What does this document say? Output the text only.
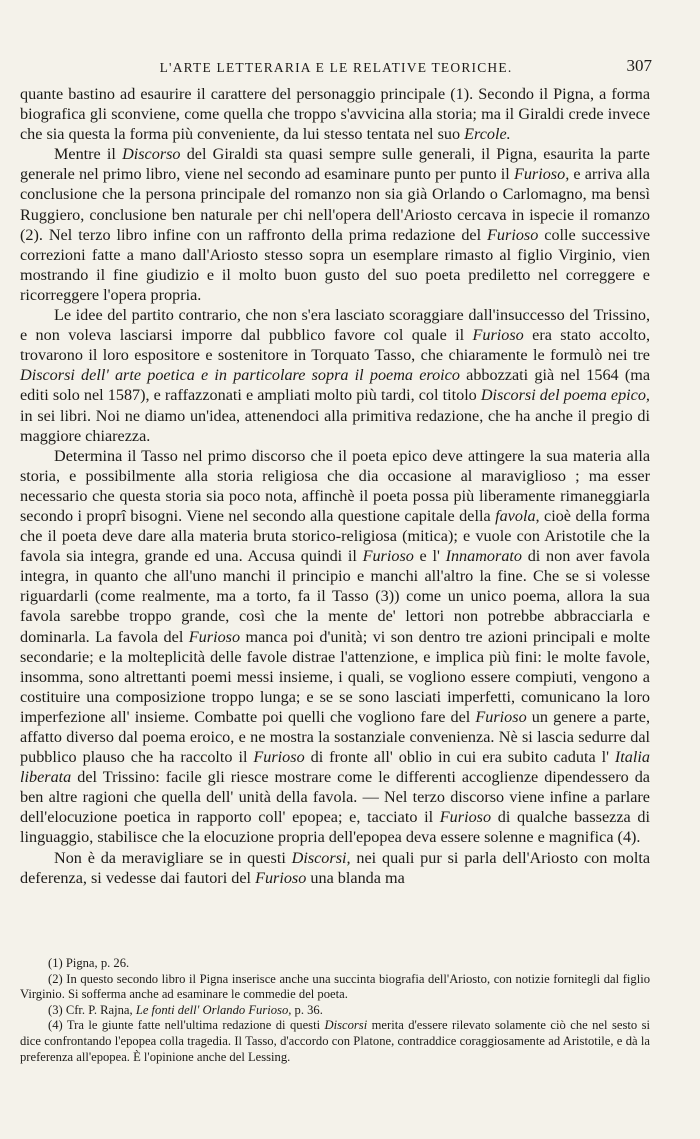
L'ARTE LETTERARIA E LE RELATIVE TEORICHE.	307

quante bastino ad esaurire il carattere del personaggio principale (1). Secondo il Pigna, a forma biografica gli sconviene, come quella che troppo s'avvicina alla storia; ma il Giraldi crede invece che sia questa la forma più conveniente, da lui stesso tentata nel suo Ercole.

Mentre il Discorso del Giraldi sta quasi sempre sulle generali, il Pigna, esaurita la parte generale nel primo libro, viene nel secondo ad esaminare punto per punto il Furioso, e arriva alla conclusione che la persona principale del romanzo non sia già Orlando o Carlomagno, ma bensì Ruggiero, conclusione ben naturale per chi nell'opera dell'Ariosto cercava in ispecie il romanzo (2). Nel terzo libro infine con un raffronto della prima redazione del Furioso colle successive correzioni fatte a mano dall'Ariosto stesso sopra un esemplare rimasto al figlio Virginio, vien mostrando il fine giudizio e il molto buon gusto del suo poeta prediletto nel correggere e ricorreggere l'opera propria.

Le idee del partito contrario, che non s'era lasciato scoraggiare dall'insuccesso del Trissino, e non voleva lasciarsi imporre dal pubblico favore col quale il Furioso era stato accolto, trovarono il loro espositore e sostenitore in Torquato Tasso, che chiaramente le formulò nei tre Discorsi dell' arte poetica e in particolare sopra il poema eroico abbozzati già nel 1564 (ma editi solo nel 1587), e raffazzonati e ampliati molto più tardi, col titolo Discorsi del poema epico, in sei libri. Noi ne diamo un'idea, attenendoci alla primitiva redazione, che ha anche il pregio di maggiore chiarezza.

Determina il Tasso nel primo discorso che il poeta epico deve attingere la sua materia alla storia, e possibilmente alla storia religiosa che dia occasione al maraviglioso ; ma esser necessario che questa storia sia poco nota, affinchè il poeta possa più liberamente rimaneggiarla secondo i proprî bisogni. Viene nel secondo alla questione capitale della favola, cioè della forma che il poeta deve dare alla materia bruta storico-religiosa (mitica); e vuole con Aristotile che la favola sia integra, grande ed una. Accusa quindi il Furioso e l' Innamorato di non aver favola integra, in quanto che all'uno manchi il principio e manchi all'altro la fine. Che se si volesse riguardarli (come realmente, ma a torto, fa il Tasso (3)) come un unico poema, allora la sua favola sarebbe troppo grande, così che la mente de' lettori non potrebbe abbracciarla e dominarla. La favola del Furioso manca poi d'unità; vi son dentro tre azioni principali e molte secondarie; e la molteplicità delle favole distrae l'attenzione, e implica più fini: le molte favole, insomma, sono altrettanti poemi messi insieme, i quali, se vogliono essere compiuti, vengono a costituire una composizione troppo lunga; e se se sono lasciati imperfetti, comunicano la loro imperfezione all' insieme. Combatte poi quelli che vogliono fare del Furioso un genere a parte, affatto diverso dal poema eroico, e ne mostra la sostanziale convenienza. Nè si lascia sedurre dal pubblico plauso che ha raccolto il Furioso di fronte all' oblio in cui era subito caduta l' Italia liberata del Trissino: facile gli riesce mostrare come le differenti accoglienze dipendessero da ben altre ragioni che quella dell' unità della favola. — Nel terzo discorso viene infine a parlare dell'elocuzione poetica in rapporto coll' epopea; e, tacciato il Furioso di qualche bassezza di linguaggio, stabilisce che la elocuzione propria dell'epopea deva essere solenne e magnifica (4).

Non è da meravigliare se in questi Discorsi, nei quali pur si parla dell'Ariosto con molta deferenza, si vedesse dai fautori del Furioso una blanda ma

(1) Pigna, p. 26.

(2) In questo secondo libro il Pigna inserisce anche una succinta biografia dell'Ariosto, con notizie fornitegli dal figlio Virginio. Si sofferma anche ad esaminare le commedie del poeta.

(3) Cfr. P. Rajna, Le fonti dell' Orlando Furioso, p. 36.

(4) Tra le giunte fatte nell'ultima redazione di questi Discorsi merita d'essere rilevato solamente ciò che nel sesto si dice confrontando l'epopea colla tragedia. Il Tasso, d'accordo con Platone, contraddice coraggiosamente ad Aristotile, e dà la preferenza all'epopea. È l'opinione anche del Lessing.
